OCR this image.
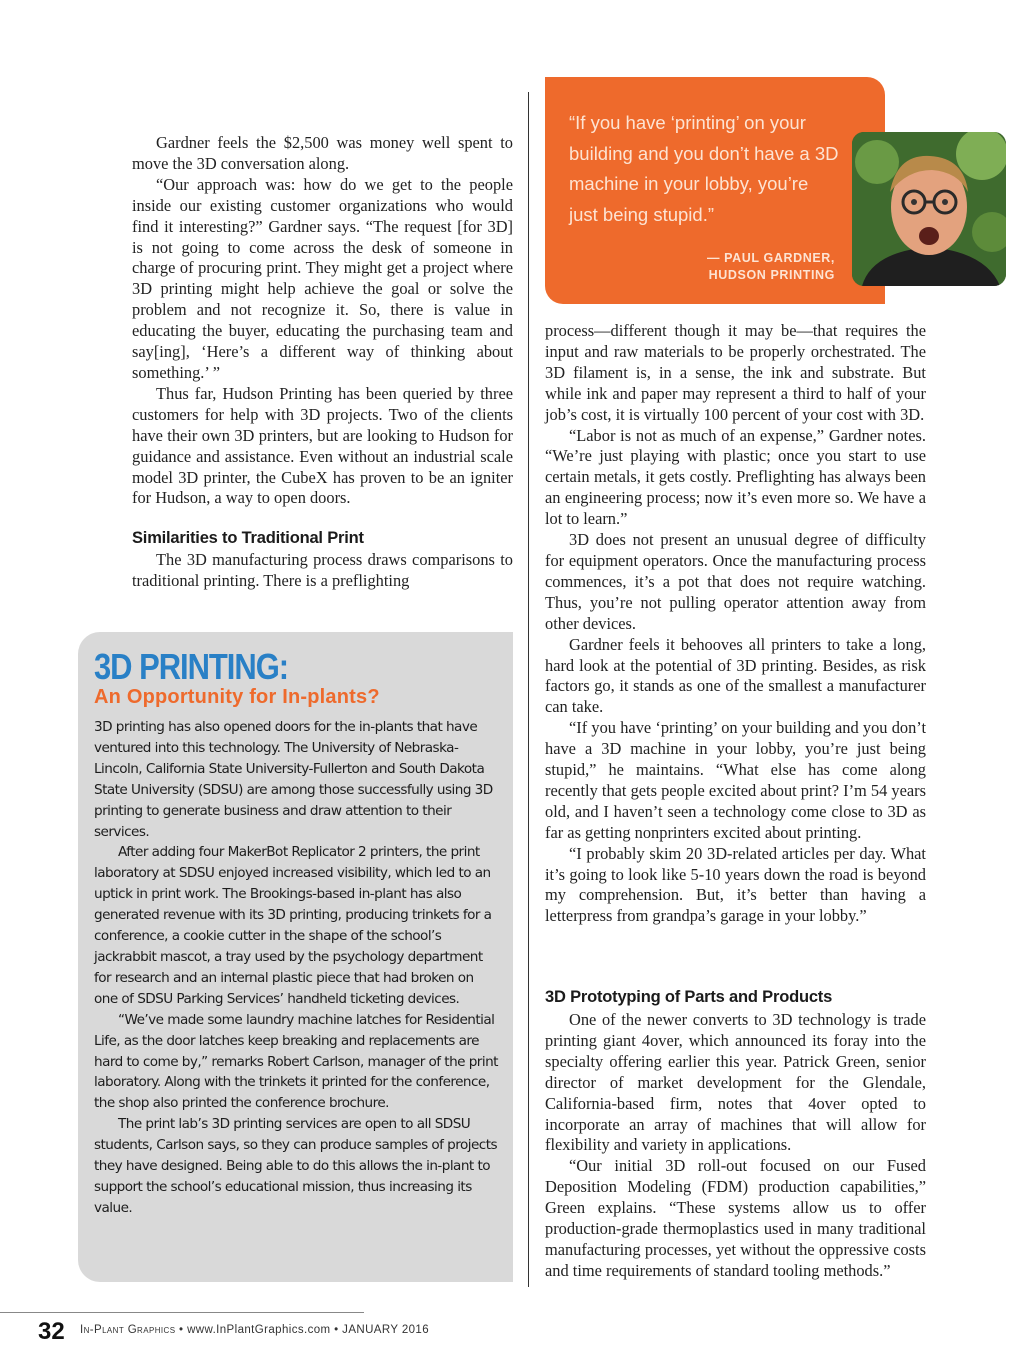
Gardner feels the $2,500 was money well spent to move the 3D conversation along.

“Our approach was: how do we get to the people inside our existing customer organizations who would find it interesting?” Gardner says. “The request [for 3D] is not going to come across the desk of someone in charge of procuring print. They might get a project where 3D printing might help achieve the goal or solve the problem and not recognize it. So, there is value in educating the buyer, educating the purchasing team and say[ing], ‘Here’s a different way of thinking about something.’ ”

Thus far, Hudson Printing has been queried by three customers for help with 3D projects. Two of the clients have their own 3D printers, but are looking to Hudson for guidance and assistance. Even without an industrial scale model 3D printer, the CubeX has proven to be an igniter for Hudson, a way to open doors.

Similarities to Traditional Print

The 3D manufacturing process draws comparisons to traditional printing. There is a preflighting

“If you have ‘printing’ on your building and you don’t have a 3D machine in your lobby, you’re just being stupid.”
— PAUL GARDNER,
HUDSON PRINTING

process—different though it may be—that requires the input and raw materials to be properly orchestrated. The 3D filament is, in a sense, the ink and substrate. But while ink and paper may represent a third to half of your job’s cost, it is virtually 100 percent of your cost with 3D.

“Labor is not as much of an expense,” Gardner notes. “We’re just playing with plastic; once you start to use certain metals, it gets costly. Preflighting has always been an engineering process; now it’s even more so. We have a lot to learn.”

3D does not present an unusual degree of difficulty for equipment operators. Once the manufacturing process commences, it’s a pot that does not require watching. Thus, you’re not pulling operator attention away from other devices.

Gardner feels it behooves all printers to take a long, hard look at the potential of 3D printing. Besides, as risk factors go, it stands as one of the smallest a manufacturer can take.

“If you have ‘printing’ on your building and you don’t have a 3D machine in your lobby, you’re just being stupid,” he maintains. “What else has come along recently that gets people excited about print? I’m 54 years old, and I haven’t seen a technology come close to 3D as far as getting nonprinters excited about printing.

“I probably skim 20 3D-related articles per day. What it’s going to look like 5-10 years down the road is beyond my comprehension. But, it’s better than having a letterpress from grandpa’s garage in your lobby.”

3D Prototyping of Parts and Products

One of the newer converts to 3D technology is trade printing giant 4over, which announced its foray into the specialty offering earlier this year. Patrick Green, senior director of market development for the Glendale, California-based firm, notes that 4over opted to incorporate an array of machines that will allow for flexibility and variety in applications.

“Our initial 3D roll-out focused on our Fused Deposition Modeling (FDM) production capabilities,” Green explains. “These systems allow us to offer production-grade thermoplastics used in many traditional manufacturing processes, yet without the oppressive costs and time requirements of standard tooling methods.”

3D PRINTING:
An Opportunity for In-plants?

3D printing has also opened doors for the in-plants that have ventured into this technology. The University of Nebraska-Lincoln, California State University-Fullerton and South Dakota State University (SDSU) are among those successfully using 3D printing to generate business and draw attention to their services.

After adding four MakerBot Replicator 2 printers, the print laboratory at SDSU enjoyed increased visibility, which led to an uptick in print work. The Brookings-based in-plant has also generated revenue with its 3D printing, producing trinkets for a conference, a cookie cutter in the shape of the school’s jackrabbit mascot, a tray used by the psychology department for research and an internal plastic piece that had broken on one of SDSU Parking Services’ handheld ticketing devices.

“We’ve made some laundry machine latches for Residential Life, as the door latches keep breaking and replacements are hard to come by,” remarks Robert Carlson, manager of the print laboratory. Along with the trinkets it printed for the conference, the shop also printed the conference brochure.

The print lab’s 3D printing services are open to all SDSU students, Carlson says, so they can produce samples of projects they have designed. Being able to do this allows the in-plant to support the school’s educational mission, thus increasing its value.

32 In-Plant Graphics • www.InPlantGraphics.com • JANUARY 2016
